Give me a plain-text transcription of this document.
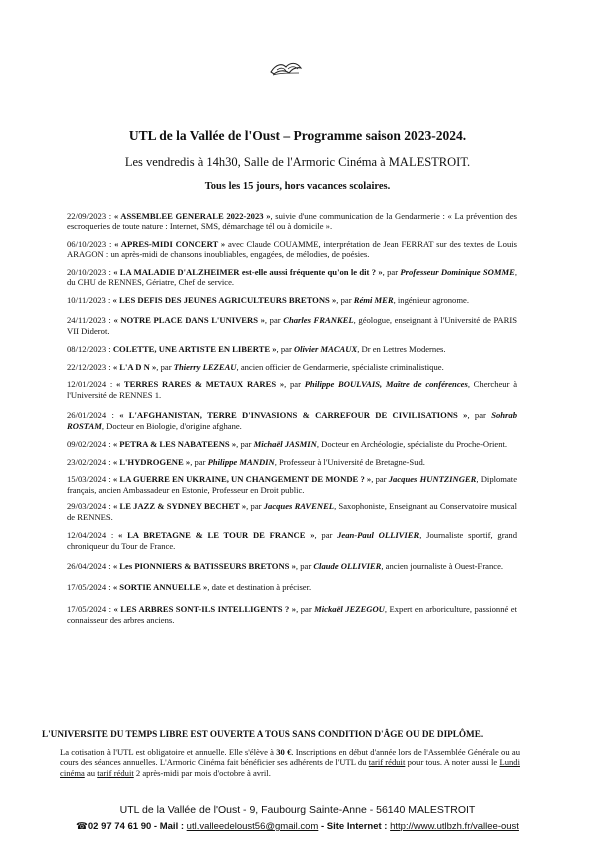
UTL de la Vallée de l'Oust – Programme saison 2023-2024.
Les vendredis à 14h30, Salle de l'Armoric Cinéma à MALESTROIT.
Tous les 15 jours, hors vacances scolaires.
22/09/2023 : « ASSEMBLEE GENERALE 2022-2023 », suivie d'une communication de la Gendarmerie : « La prévention des escroqueries de toute nature : Internet, SMS, démarchage tél ou à domicile ».
06/10/2023 : « APRES-MIDI CONCERT » avec Claude COUAMME, interprétation de Jean FERRAT sur des textes de Louis ARAGON : un après-midi de chansons inoubliables, engagées, de mélodies, de poésies.
20/10/2023 : « LA MALADIE D'ALZHEIMER est-elle aussi fréquente qu'on le dit ? », par Professeur Dominique SOMME, du CHU de RENNES, Gériatre, Chef de service.
10/11/2023 : « LES DEFIS DES JEUNES AGRICULTEURS BRETONS », par Rémi MER, ingénieur agronome.
24/11/2023 : « NOTRE PLACE DANS L'UNIVERS », par Charles FRANKEL, géologue, enseignant à l'Université de PARIS VII Diderot.
08/12/2023 : COLETTE, UNE ARTISTE EN LIBERTE », par Olivier MACAUX, Dr en Lettres Modernes.
22/12/2023 : « L'A D N », par Thierry LEZEAU, ancien officier de Gendarmerie, spécialiste criminalistique.
12/01/2024 : « TERRES RARES & METAUX RARES », par Philippe BOULVAIS, Maître de conférences, Chercheur à l'Université de RENNES 1.
26/01/2024 : « L'AFGHANISTAN, TERRE D'INVASIONS & CARREFOUR DE CIVILISATIONS », par Sohrab ROSTAM, Docteur en Biologie, d'origine afghane.
09/02/2024 : « PETRA & LES NABATEENS », par Michaël JASMIN, Docteur en Archéologie, spécialiste du Proche-Orient.
23/02/2024 : « L'HYDROGENE », par Philippe MANDIN, Professeur à l'Université de Bretagne-Sud.
15/03/2024 : « LA GUERRE EN UKRAINE, UN CHANGEMENT DE MONDE ? », par Jacques HUNTZINGER, Diplomate français, ancien Ambassadeur en Estonie, Professeur en Droit public.
29/03/2024 : « LE JAZZ & SYDNEY BECHET », par Jacques RAVENEL, Saxophoniste, Enseignant au Conservatoire musical de RENNES.
12/04/2024 : « LA BRETAGNE & LE TOUR DE FRANCE », par Jean-Paul OLLIVIER, Journaliste sportif, grand chroniqueur du Tour de France.
26/04/2024 : « Les PIONNIERS & BATISSEURS BRETONS », par Claude OLLIVIER, ancien journaliste à Ouest-France.
17/05/2024 : « SORTIE ANNUELLE », date et destination à préciser.
17/05/2024 : « LES ARBRES SONT-ILS INTELLIGENTS ? », par Mickaël JEZEGOU, Expert en arboriculture, passionné et connaisseur des arbres anciens.
L'UNIVERSITE DU TEMPS LIBRE EST OUVERTE A TOUS SANS CONDITION D'ÂGE OU DE DIPLÔME.
La cotisation à l'UTL est obligatoire et annuelle. Elle s'élève à 30 €. Inscriptions en début d'année lors de l'Assemblée Générale ou au cours des séances annuelles. L'Armoric Cinéma fait bénéficier ses adhérents de l'UTL du tarif réduit pour tous. A noter aussi le Lundi cinéma au tarif réduit 2 après-midi par mois d'octobre à avril.
UTL de la Vallée de l'Oust - 9, Faubourg Sainte-Anne - 56140 MALESTROIT
☎02 97 74 61 90 - Mail : utl.valleedeloust56@gmail.com - Site Internet : http://www.utlbzh.fr/vallee-oust
